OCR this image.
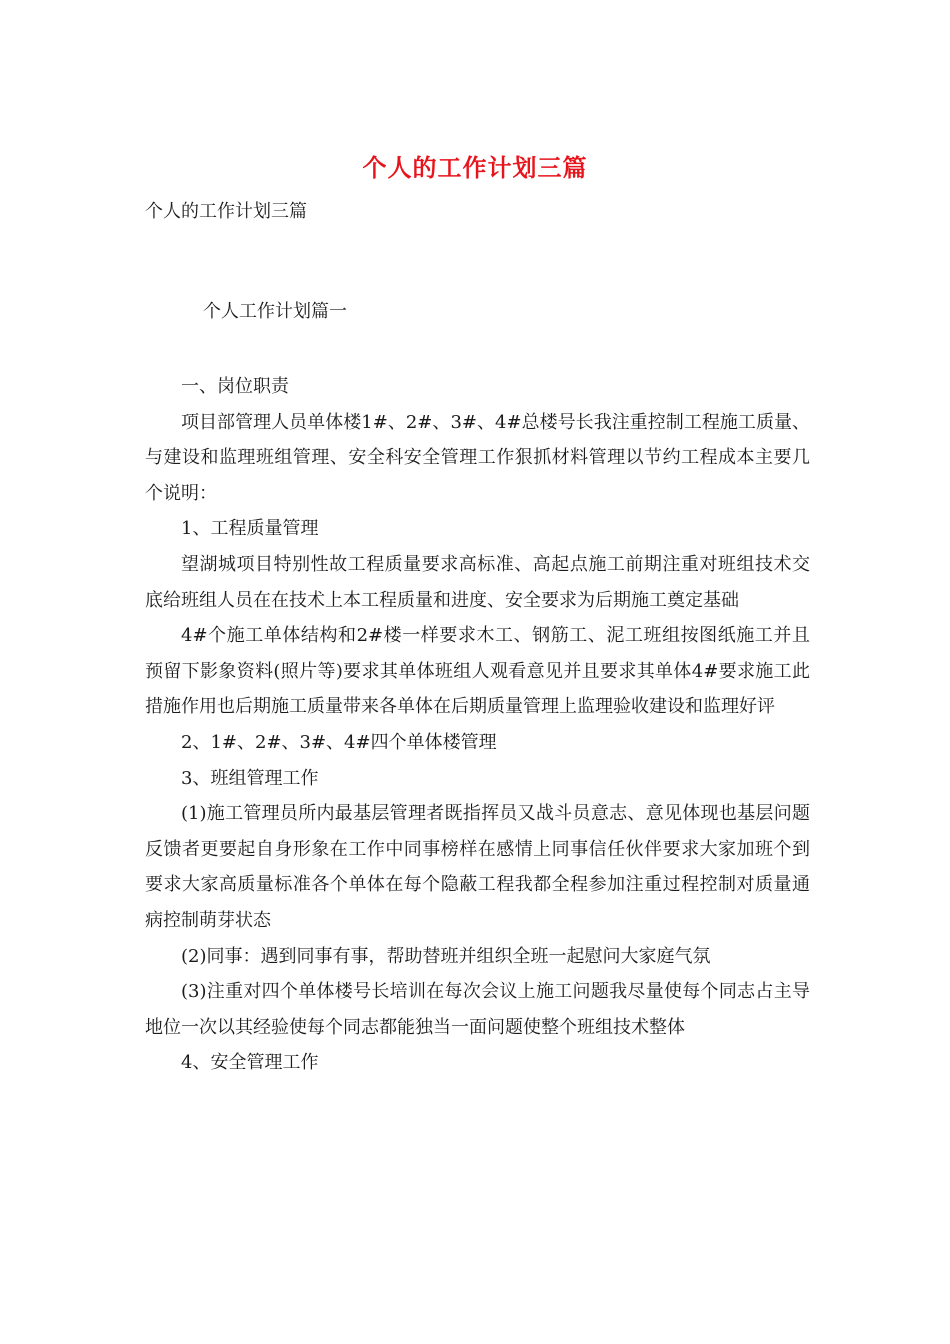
个人的工作计划三篇
个人的工作计划三篇
个人工作计划篇一

一、岗位职责

项目部管理人员单体楼1#、2#、3#、4#总楼号长我注重控制工程施工质量、与建设和监理班组管理、安全科安全管理工作狠抓材料管理以节约工程成本主要几个说明：

1、工程质量管理

望湖城项目特别性故工程质量要求高标准、高起点施工前期注重对班组技术交底给班组人员在在技术上本工程质量和进度、安全要求为后期施工奠定基础

4#个施工单体结构和2#楼一样要求木工、钢筋工、泥工班组按图纸施工并且预留下影象资料(照片等)要求其单体班组人观看意见并且要求其单体4#要求施工此措施作用也后期施工质量带来各单体在后期质量管理上监理验收建设和监理好评

2、1#、2#、3#、4#四个单体楼管理

3、班组管理工作

(1)施工管理员所内最基层管理者既指挥员又战斗员意志、意见体现也基层问题反馈者更要起自身形象在工作中同事榜样在感情上同事信任伙伴要求大家加班个到要求大家高质量标准各个单体在每个隐蔽工程我都全程参加注重过程控制对质量通病控制萌芽状态

(2)同事：遇到同事有事，帮助替班并组织全班一起慰问大家庭气氛

(3)注重对四个单体楼号长培训在每次会议上施工问题我尽量使每个同志占主导地位一次以其经验使每个同志都能独当一面问题使整个班组技术整体

4、安全管理工作
